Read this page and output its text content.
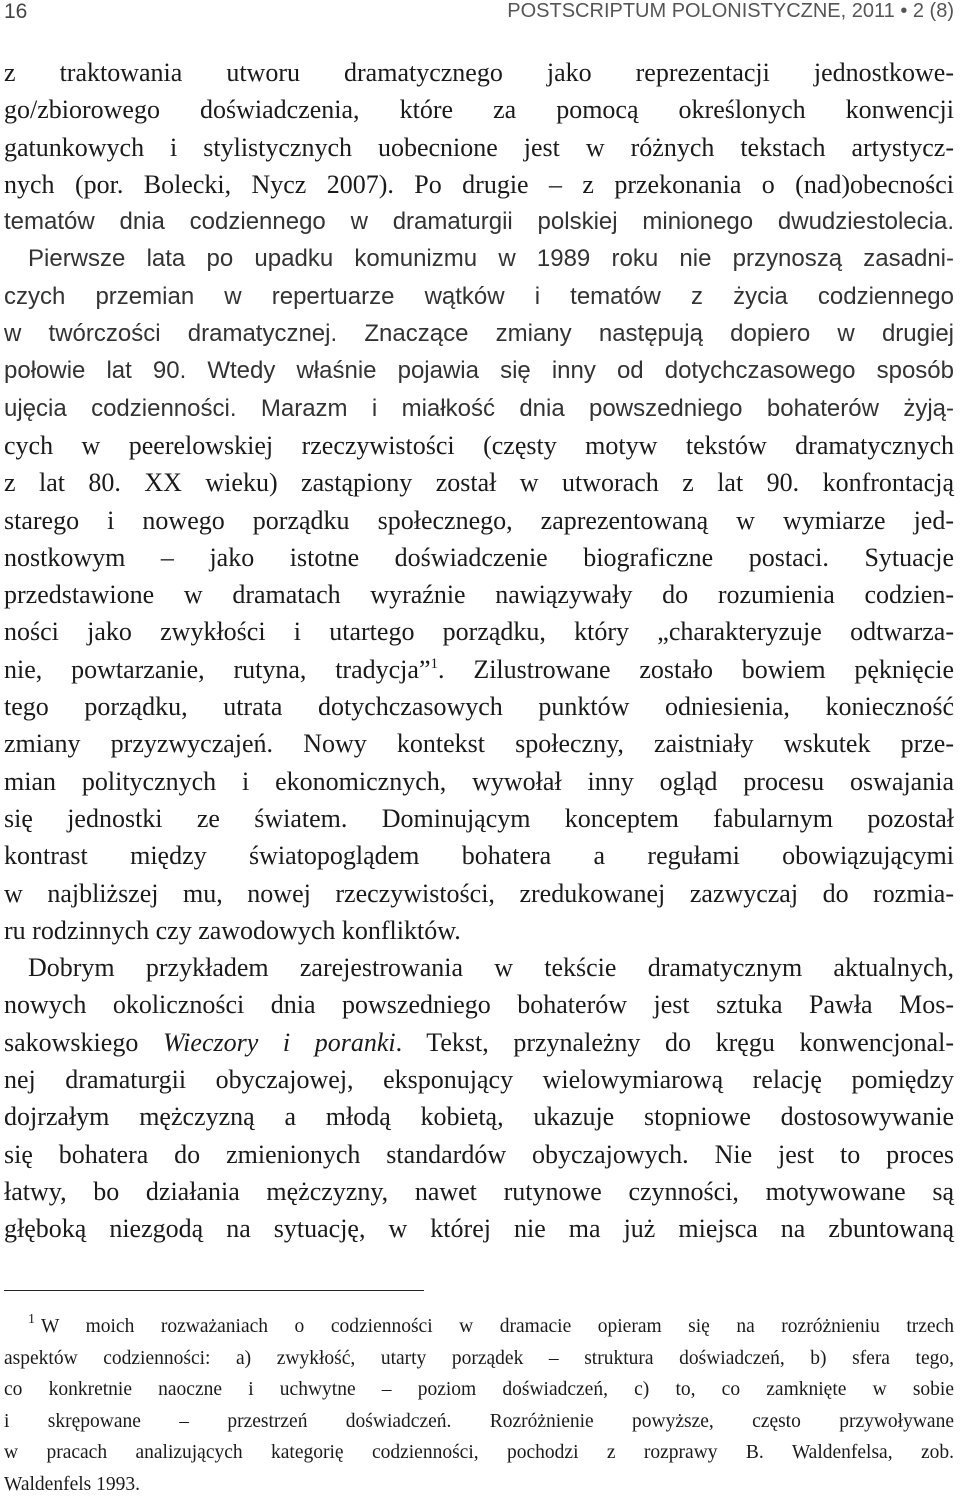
16	POSTSCRIPTUM POLONISTYCZNE, 2011 • 2 (8)
z traktowania utworu dramatycznego jako reprezentacji jednostkowe-
go/zbiorowego doświadczenia, które za pomocą określonych konwencji
gatunkowych i stylistycznych uobecnione jest w różnych tekstach artystycz-
nych (por. Bolecki, Nycz 2007). Po drugie – z przekonania o (nad)obecności
tematów dnia codziennego w dramaturgii polskiej minionego dwudziestolecia.
Pierwsze lata po upadku komunizmu w 1989 roku nie przynoszą zasadni-
czych przemian w repertuarze wątków i tematów z życia codziennego
w twórczości dramatycznej. Znaczące zmiany następują dopiero w drugiej
połowie lat 90. Wtedy właśnie pojawia się inny od dotychczasowego sposób
ujęcia codzienności. Marazm i miałkość dnia powszedniego bohaterów żyją-
cych w peerelowskiej rzeczywistości (częsty motyw tekstów dramatycznych
z lat 80. XX wieku) zastąpiony został w utworach z lat 90. konfrontacją
starego i nowego porządku społecznego, zaprezentowaną w wymiarze jed-
nostkowym – jako istotne doświadczenie biograficzne postaci. Sytuacje
przedstawione w dramatach wyraźnie nawiązywały do rozumienia codzien-
ności jako zwykłości i utartego porządku, który „charakteryzuje odtwarza-
nie, powtarzanie, rutyna, tradycja”$^1$. Zilustrowane zostało bowiem pęknięcie
tego porządku, utrata dotychczasowych punktów odniesienia, konieczność
zmiany przyzwyczajeń. Nowy kontekst społeczny, zaistniały wskutek prze-
mian politycznych i ekonomicznych, wywołał inny ogląd procesu oswajania
się jednostki ze światem. Dominującym konceptem fabularnym pozostał
kontrast między światopoglądem bohatera a regułami obowiązującymi
w najbliższej mu, nowej rzeczywistości, zredukowanej zazwyczaj do rozmia-
ru rodzinnych czy zawodowych konfliktów.
Dobrym przykładem zarejestrowania w tekście dramatycznym aktualnych,
nowych okoliczności dnia powszedniego bohaterów jest sztuka Pawła Mos-
sakowskiego Wieczory i poranki. Tekst, przynależny do kręgu konwencjonal-
nej dramaturgii obyczajowej, eksponujący wielowymiarową relację pomiędzy
dojrzałym mężczyzną a młodą kobietą, ukazuje stopniowe dostosowywanie
się bohatera do zmienionych standardów obyczajowych. Nie jest to proces
łatwy, bo działania mężczyzny, nawet rutynowe czynności, motywowane są
głęboką niezgodą na sytuację, w której nie ma już miejsca na zbuntowaną
$^1$ W moich rozważaniach o codzienności w dramacie opieram się na rozróżnieniu trzech
aspektów codzienności: a) zwykłość, utarty porządek – struktura doświadczeń, b) sfera tego,
co konkretnie naoczne i uchwytne – poziom doświadczeń, c) to, co zamknięte w sobie
i skrępowane – przestrzeń doświadczeń. Rozróżnienie powyższe, często przywoływane
w pracach analizujących kategorię codzienności, pochodzi z rozprawy B. Waldenfelsa, zob.
Waldenfels 1993.
